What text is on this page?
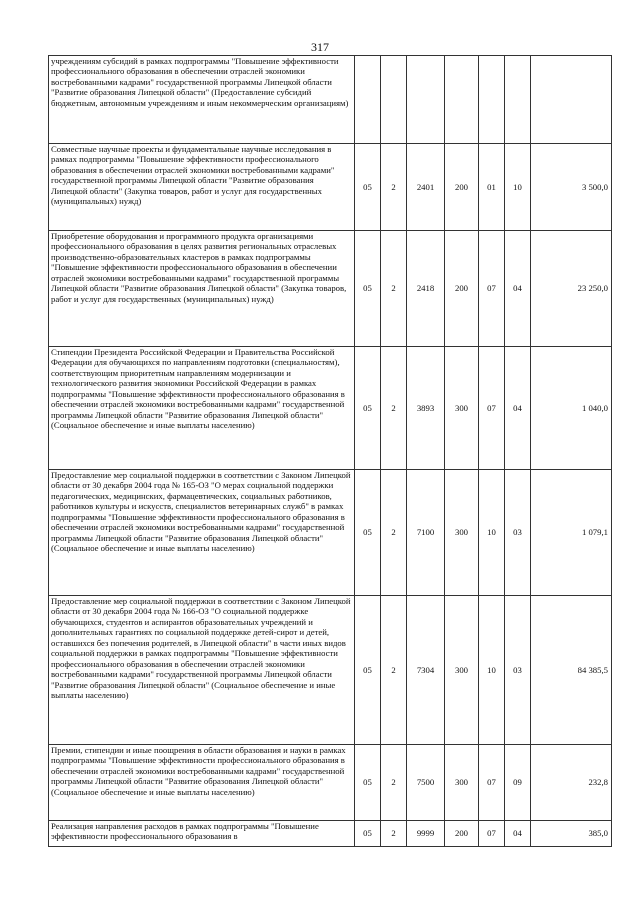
317
учреждениям субсидий в рамках подпрограммы "Повышение эффективности профессионального образования в обеспечении отраслей экономики востребованными кадрами" государственной программы Липецкой области "Развитие образования Липецкой области" (Предоставление субсидий бюджетным, автономным учреждениям и иным некоммерческим организациям)							
Совместные научные проекты и фундаментальные научные исследования в рамках подпрограммы "Повышение эффективности профессионального образования в обеспечении отраслей экономики востребованными кадрами" государственной программы Липецкой области "Развитие образования Липецкой области" (Закупка товаров, работ и услуг для государственных (муниципальных) нужд)	05	2	2401	200	01	10	3 500,0
Приобретение оборудования и программного продукта организациями профессионального образования в целях развития региональных отраслевых производственно-образовательных кластеров в рамках подпрограммы "Повышение эффективности профессионального образования в обеспечении отраслей экономики востребованными кадрами" государственной программы Липецкой области "Развитие образования Липецкой области" (Закупка товаров, работ и услуг для государственных (муниципальных) нужд)	05	2	2418	200	07	04	23 250,0
Стипендии Президента Российской Федерации и Правительства Российской Федерации для обучающихся по направлениям подготовки (специальностям), соответствующим приоритетным направлениям модернизации и технологического развития экономики Российской Федерации в рамках подпрограммы "Повышение эффективности профессионального образования в обеспечении отраслей экономики востребованными кадрами" государственной программы Липецкой области "Развитие образования Липецкой области" (Социальное обеспечение и иные выплаты населению)	05	2	3893	300	07	04	1 040,0
Предоставление мер социальной поддержки в соответствии с Законом Липецкой области от 30 декабря 2004 года № 165-ОЗ "О мерах социальной поддержки педагогических, медицинских, фармацевтических, социальных работников, работников культуры и искусств, специалистов ветеринарных служб" в рамках подпрограммы "Повышение эффективности профессионального образования в обеспечении отраслей экономики востребованными кадрами" государственной программы Липецкой области "Развитие образования Липецкой области" (Социальное обеспечение и иные выплаты населению)	05	2	7100	300	10	03	1 079,1
Предоставление мер социальной поддержки в соответствии с Законом Липецкой области от 30 декабря 2004 года № 166-ОЗ "О социальной поддержке обучающихся, студентов и аспирантов образовательных учреждений и дополнительных гарантиях по социальной поддержке детей-сирот и детей, оставшихся без попечения родителей, в Липецкой области" в части иных видов социальной поддержки в рамках подпрограммы "Повышение эффективности профессионального образования в обеспечении отраслей экономики востребованными кадрами" государственной программы Липецкой области "Развитие образования Липецкой области" (Социальное обеспечение и иные выплаты населению)	05	2	7304	300	10	03	84 385,5
Премии, стипендии и иные поощрения в области образования и науки в рамках подпрограммы "Повышение эффективности профессионального образования в обеспечении отраслей экономики востребованными кадрами" государственной программы Липецкой области "Развитие образования Липецкой области" (Социальное обеспечение и иные выплаты населению)	05	2	7500	300	07	09	232,8

Реализация направления расходов в рамках подпрограммы "Повышение эффективности профессионального образования в	05	2	9999	200	07	04	385,0
